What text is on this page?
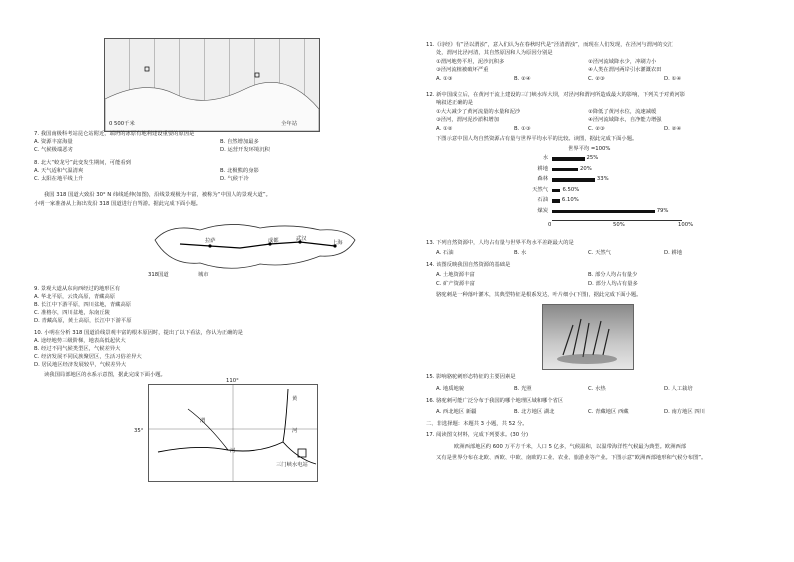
全年站
0 500千米
7. 我国南极科考站昆仑站附近，端坍的冰原有地利建设重要的原因是
A. 资源丰富海量	B. 自然增加最多
C. 气候极端恶劣	D. 运营开发环境沉积
8. 北大“蛟龙号”此变发生期间，可能看到
A. 天气适和气温清爽	B. 北极熊的身影
C. 太阳在地平线上升	D. 气候干冷
我国 318 国道大致沿 30° N 纬线延伸(如图)，沿线景观极为丰富，被称为“中国人的景观大道”。
小明一家准备从上海出发沿 318 国道进行自驾游。据此完成下面小题。
拉萨	成都	武汉
上海
318国道	城市
9. 景观大道从东向西经过的地形区有
A. 华北平原，云贵高原，青藏高原
B. 长江中下游平原，四川盆地，青藏高原
C. 准格尔，四川盆地，东南丘陵
D. 青藏高原，黄土高原，长江中下游平原
10. 小明在分析 318 国道沿线景观丰富的根本原因时，提出了以下看法，你认为正确的是
A. 途经地势三级阶梯，地表高低起伏大
B. 经过不同气候类型区，气候差异大
C. 经济发展不同民族聚居区，生活习俗差异大
D. 居民地区经济发展较早，气候差异大
读我国局部地区的水系示意图，据此完成下面小题。
110°
35°
渭
河
黄
河
三门峡水电站
11.《诗经》有“泾以渭浊”，意入们认为在春秋时代是“泾清渭浊”，而现在人们发现，在泾河与渭河的交汇
处，渭河比泾河清，其自然原因和人为原因分别是
①渭河地势平坦，泥沙沉积多	②泾河流域降水少，冲刷力小
③泾河流植被破坏严重	④人类在渭河两岸引水灌溉农田
A. ①③	B. ②④	C. ②③	D. ①④
12. 新中国成立后，在黄河干流上建设的三门峡水库大坝，对泾河和渭河所造成最大的影响，下列关于对黄河影
响叙述正确的是
①大大减少了黄河流量的水量和泥沙	②降低了黄河水位，流速减缓
③泾河，渭河泥沙淤积增加	④泾河流域降水，自净能力增强
A. ①②	B. ①③	C. ②③	D. ②④
下图示意中国人均自然资源占有量与世界平均水平的比较。读图，据此完成下面小题。
世界平均 =100%
水	25%
耕地	20%
森林	33%
天然气	6.50%
石油	6.10%
煤炭	79%
0	50%	100%
13. 下列自然资源中，人均占有量与世界平均水平差距最大的是
A. 石油	B. 水	C. 天然气	D. 耕地
14. 该图反映我国自然资源的基础是
A. 土地资源丰富	B. 部分人均占有量少
C. 矿产资源丰富	D. 部分人均占有量多
骆驼刺是一种落叶灌木，其典型特征是根系发达，叶片细小(下图)，据此完成下面小题。
15. 影响骆驼刺形态特征的主要因素是
A. 地质地貌	B. 光照	C. 水热	D. 人工栽培
16. 骆驼刺可能广泛分布于我国的哪个地理区域和哪个省区
A. 西北地区 新疆	B. 北方地区 湖北	C. 青藏地区 西藏	D. 南方地区 四川
二、非选择题：本题共 3 小题，共 52 分。
17. 阅读图文材料，完成下列要求。(30 分)
欧洲西部地区约 600 万平方千米，人口 5 亿多，气候温和，以温带海洋性气候最为典型。欧洲西部
又有是世界分布在北欧、西欧、中欧、南欧的工业、农业、旅游业等产业。下图示意“欧洲西部地形和气候分布图”。
